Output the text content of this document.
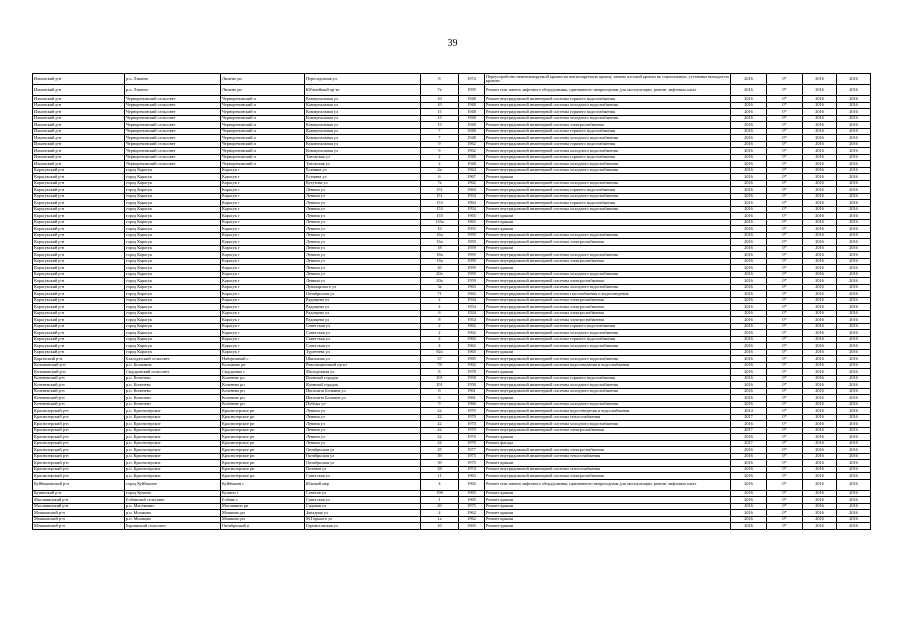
39
Ильинский р-н	р.п. Лимено	Лимено рп	Пересадочная ул	8	1974	Переустройство невентилируемой крыши на вентилируемую крышу, замена плоской кровли на стропильную, установка выходов на кровлю	2016	0*	2016	2016
Ильинский р-н	р.п. Лимено	Лимено рп	Юбилейный пр-кт	7а	1959	Ремонт или замена лифтового оборудования, признанного непригодным для эксплуатации, ремонт лифтовых шахт	2016	0*	2016	2016
Ильинский р-н	Черноречинский сельсовет	Черноречинский п	Коммунальная ул	10	1948	Ремонт внутридомовой инженерной системы горячего водоснабжения	2016	0*	2016	2016
Ильинский р-н	Черноречинский сельсовет	Черноречинский п	Коммунальная ул	10	1948	Ремонт внутридомовой инженерной системы холодного водоснабжения	2016	0*	2016	2016
Ильинский р-н	Черноречинский сельсовет	Черноречинский п	Коммунальная ул	15	1948	Ремонт внутридомовой инженерной системы горячего водоснабжения	2016	0*	2016	2016
Ильинский р-н	Черноречинский сельсовет	Черноречинский п	Коммунальная ул	15	1948	Ремонт внутридомовой инженерной системы холодного водоснабжения	2016	0*	2016	2016
Ильинский р-н	Черноречинский сельсовет	Черноречинский п	Коммунальная ул	15	1948	Ремонт внутридомовой инженерной системы электроснабжения	2016	0*	2016	2016
Ильинский р-н	Черноречинский сельсовет	Черноречинский п	Коммунальная ул	7	1948	Ремонт внутридомовой инженерной системы горячего водоснабжения	2016	0*	2016	2016
Ильинский р-н	Черноречинский сельсовет	Черноречинский п	Коммунальная ул	7	1948	Ремонт внутридомовой инженерной системы холодного водоснабжения	2016	0*	2016	2016
Ильинский р-н	Черноречинский сельсовет	Черноречинский п	Коммунальная ул	9	1962	Ремонт внутридомовой инженерной системы горячего водоснабжения	2016	0*	2016	2016
Ильинский р-н	Черноречинский сельсовет	Черноречинский п	Коммунальная ул	9	1962	Ремонт внутридомовой инженерной системы холодного водоснабжения	2016	0*	2016	2016
Ильинский р-н	Черноречинский сельсовет	Черноречинский п	Титовская ул	2	1948	Ремонт внутридомовой инженерной системы горячего водоснабжения	2016	0*	2016	2016
Ильинский р-н	Черноречинский сельсовет	Черноречинский п	Титовская ул	2	1948	Ремонт внутридомовой инженерной системы холодного водоснабжения	2016	0*	2016	2016
Карасукский р-н	город Карасук	Карасук г	Есенина ул	2а	1964	Ремонт внутридомовой инженерной системы холодного водоснабжения	2016	0*	2016	2016
Карасукский р-н	город Карасук	Карасук г	Есенина ул	6	1967	Ремонт крыши	2016	0*	2016	2016
Карасукский р-н	город Карасук	Карасук г	Кутузова ул	7а	1962	Ремонт внутридомовой инженерной системы холодного водоснабжения	2016	0*	2016	2016
Карасукский р-н	город Карасук	Карасук г	Ленина ул	151	1964	Ремонт внутридомовой инженерной системы горячего водоснабжения	2016	0*	2016	2016
Карасукский р-н	город Карасук	Карасук г	Ленина ул	151	1954	Ремонт внутридомовой инженерной системы холодного водоснабжения	2016	0*	2016	2016
Карасукский р-н	город Карасук	Карасук г	Ленина ул	153	1964	Ремонт внутридомовой инженерной системы горячего водоснабжения	2016	0*	2016	2016
Карасукский р-н	город Карасук	Карасук г	Ленина ул	153	1954	Ремонт внутридомовой инженерной системы холодного водоснабжения	2016	0*	2016	2016
Карасукский р-н	город Карасук	Карасук г	Ленина ул	155	1965	Ремонт крыши	2016	0*	2016	2016
Карасукский р-н	город Карасук	Карасук г	Ленина ул	155а	1965	Ремонт крыши	2016	0*	2016	2016
Карасукский р-н	город Карасук	Карасук г	Ленина ул	16	1955	Ремонт крыши	2016	0*	2016	2016
Карасукский р-н	город Карасук	Карасук г	Ленина ул	16а	1959	Ремонт внутридомовой инженерной системы холодного водоснабжения	2016	0*	2016	2016
Карасукский р-н	город Карасук	Карасук г	Ленина ул	16а	1959	Ремонт внутридомовой инженерной системы электроснабжения	2016	0*	2016	2016
Карасукский р-н	город Карасук	Карасук г	Ленина ул	18	1959	Ремонт крыши	2016	0*	2016	2016
Карасукский р-н	город Карасук	Карасук г	Ленина ул	18а	1959	Ремонт внутридомовой инженерной системы холодного водоснабжения	2016	0*	2016	2016
Карасукский р-н	город Карасук	Карасук г	Ленина ул	18а	1959	Ремонт внутридомовой инженерной системы электроснабжения	2016	0*	2016	2016
Карасукский р-н	город Карасук	Карасук г	Ленина ул	20	1959	Ремонт крыши	2016	0*	2016	2016
Карасукский р-н	город Карасук	Карасук г	Ленина ул	20а	1959	Ремонт внутридомовой инженерной системы холодного водоснабжения	2016	0*	2016	2016
Карасукский р-н	город Карасук	Карасук г	Ленина ул	20а	1959	Ремонт внутридомовой инженерной системы электроснабжения	2016	0*	2016	2016
Карасукский р-н	город Карасук	Карасук г	Луначарского ул	3а	1963	Ремонт внутридомовой инженерной системы холодного водоснабжения	2016	0*	2016	2016
Карасукский р-н	город Карасук	Карасук г	Октябрьская ул	71	1962	Ремонт внутридомовой инженерной системы газоснабжения и водоотведения	2016	0*	2016	2016
Карасукский р-н	город Карасук	Карасук г	Радищева ул	2	1934	Ремонт внутридомовой инженерной системы электроснабжения	2016	0*	2016	2016
Карасукский р-н	город Карасук	Карасук г	Радищева ул	4	1954	Ремонт внутридомовой инженерной системы электроснабжения	2016	0*	2016	2016
Карасукский р-н	город Карасук	Карасук г	Радищева ул	6	1934	Ремонт внутридомовой инженерной системы электроснабжения	2016	0*	2016	2016
Карасукский р-н	город Карасук	Карасук г	Радищева ул	8	1954	Ремонт внутридомовой инженерной системы электроснабжения	2016	0*	2016	2016
Карасукский р-н	город Карасук	Карасук г	Советская ул	2	1962	Ремонт внутридомовой инженерной системы горячего водоснабжения	2016	0*	2016	2016
Карасукский р-н	город Карасук	Карасук г	Советская ул	2	1962	Ремонт внутридомовой инженерной системы холодного водоснабжения	2016	0*	2016	2016
Карасукский р-н	город Карасук	Карасук г	Советская ул	4	1962	Ремонт внутридомовой инженерной системы горячего водоснабжения	2016	0*	2016	2016
Карасукский р-н	город Карасук	Карасук г	Советская ул	4	1962	Ремонт внутридомовой инженерной системы холодного водоснабжения	2016	0*	2016	2016
Карасукский р-н	город Карасук	Карасук г	Тургенева ул	82а	1965	Ремонт крыши	2016	0*	2016	2016
Каргатский р-н	Благодатский сельсовет	Набережный с	Школьная ул	37	1985	Ремонт внутридомовой инженерной системы холодного водоснабжения	2016	0*	2016	2016
Колыванский р-н	р.п. Колывань	Колывань рп	Революционный пр-кт	78	1962	Ремонт внутридомовой инженерной системы водоотведения и водоснабжения	2016	0*	2016	2016
Колыванский р-н	Сидоровский сельсовет	Сидоровка с	Молодежная ул	8	1978	Ремонт крыши	2016	0*	2016	2016
Коченевский р-н	р.п. Коченево	Коченево рп	Военный городок	101	1958	Ремонт внутридомовой инженерной системы горячего водоснабжения	2016	0*	2016	2016
Коченевский р-н	р.п. Коченево	Коченево рп	Военный городок	101	1958	Ремонт внутридомовой инженерной системы холодного водоснабжения	2016	0*	2016	2016
Коченевский р-н	р.п. Коченево	Коченево рп	Ипполита Бочкина ул	6	1961	Ремонт внутридомовой инженерной системы холодного водоснабжения	2016	0*	2016	2016
Коченевский р-н	р.п. Коченево	Коченево рп	Ипполита Бочкина ул	6	1961	Ремонт крыши	2016	0*	2016	2016
Коченевский р-н	р.п. Коченево	Коченево рп	Победы ул	9	1966	Ремонт внутридомовой инженерной системы холодного водоснабжения	2016	0*	2016	2016
Краснозерский р-н	р.п. Краснозерское	Краснозерское рп	Ленина ул	22	1970	Ремонт внутридомовой инженерной системы водоотведения и водоснабжения	2014	0*	2016	2016
Краснозерский р-н	р.п. Краснозерское	Краснозерское рп	Ленина ул	22	1970	Ремонт внутридомовой инженерной системы теплоснабжения	2017	0*	2016	2016
Краснозерский р-н	р.п. Краснозерское	Краснозерское рп	Ленина ул	22	1970	Ремонт внутридомовой инженерной системы холодного водоснабжения	2016	0*	2016	2016
Краснозерский р-н	р.п. Краснозерское	Краснозерское рп	Ленина ул	22	1970	Ремонт внутридомовой инженерной системы электроснабжения	2017	0*	2016	2016
Краснозерский р-н	р.п. Краснозерское	Краснозерское рп	Ленина ул	22	1970	Ремонт крыши	2016	0*	2016	2016
Краснозерский р-н	р.п. Краснозерское	Краснозерское рп	Ленина ул	22	1970	Ремонт фасада	2017	0*	2016	2016
Краснозерский р-н	р.п. Краснозерское	Краснозерское рп	Октябрьская ул	25	1977	Ремонт внутридомовой инженерной системы электроснабжения	2016	0*	2016	2016
Краснозерский р-н	р.п. Краснозерское	Краснозерское рп	Октябрьская ул	39	1975	Ремонт внутридомовой инженерной системы теплоснабжения	2016	0*	2016	2016
Краснозерский р-н	р.п. Краснозерское	Краснозерское рп	Октябрьская ул	39	1975	Ремонт крыши	2016	0*	2016	2016
Краснозерский р-н	р.п. Краснозерское	Краснозерское рп	Полевая ул	28	1974	Ремонт внутридомовой инженерной системы теплоснабжения	2016	0*	2016	2016
Краснозерский р-н	р.п. Краснозерское	Краснозерское рп	Советская ул	11	1963	Ремонт внутридомовой инженерной системы электроснабжения	2016	0*	2016	2016
Куйбышевский р-н	город Куйбышев	Куйбышев г	Южный мкр	4	1992	Ремонт или замена лифтового оборудования, признанного непригодным для эксплуатации, ремонт лифтовых шахт	2016	0*	2016	2016
Купинский р-н	город Купино	Купино г	Советов ул	196	1965	Ремонт крыши	2016	0*	2016	2016
Маслянинский р-н	Елбанский сельсовет	Елбань с	Советская ул	1	1965	Ремонт крыши	2016	0*	2016	2016
Маслянинский р-н	р.п. Маслянино	Маслянино рп	Садовая ул	20	1975	Ремонт крыши	2016	0*	2016	2016
Мошковский р-н	р.п. Мошково	Мошково рп	Западная ул	4	1962	Ремонт крыши	2016	0*	2016	2016
Мошковский р-н	р.п. Мошково	Мошково рп	М.Горького ул	1а	1962	Ремонт крыши	2016	0*	2016	2016
Мошковский р-н	Барлакский сельсовет	Октябрьский п	Горнистовская ул	10	1965	Ремонт крыши	2016	0*	2016	2016
